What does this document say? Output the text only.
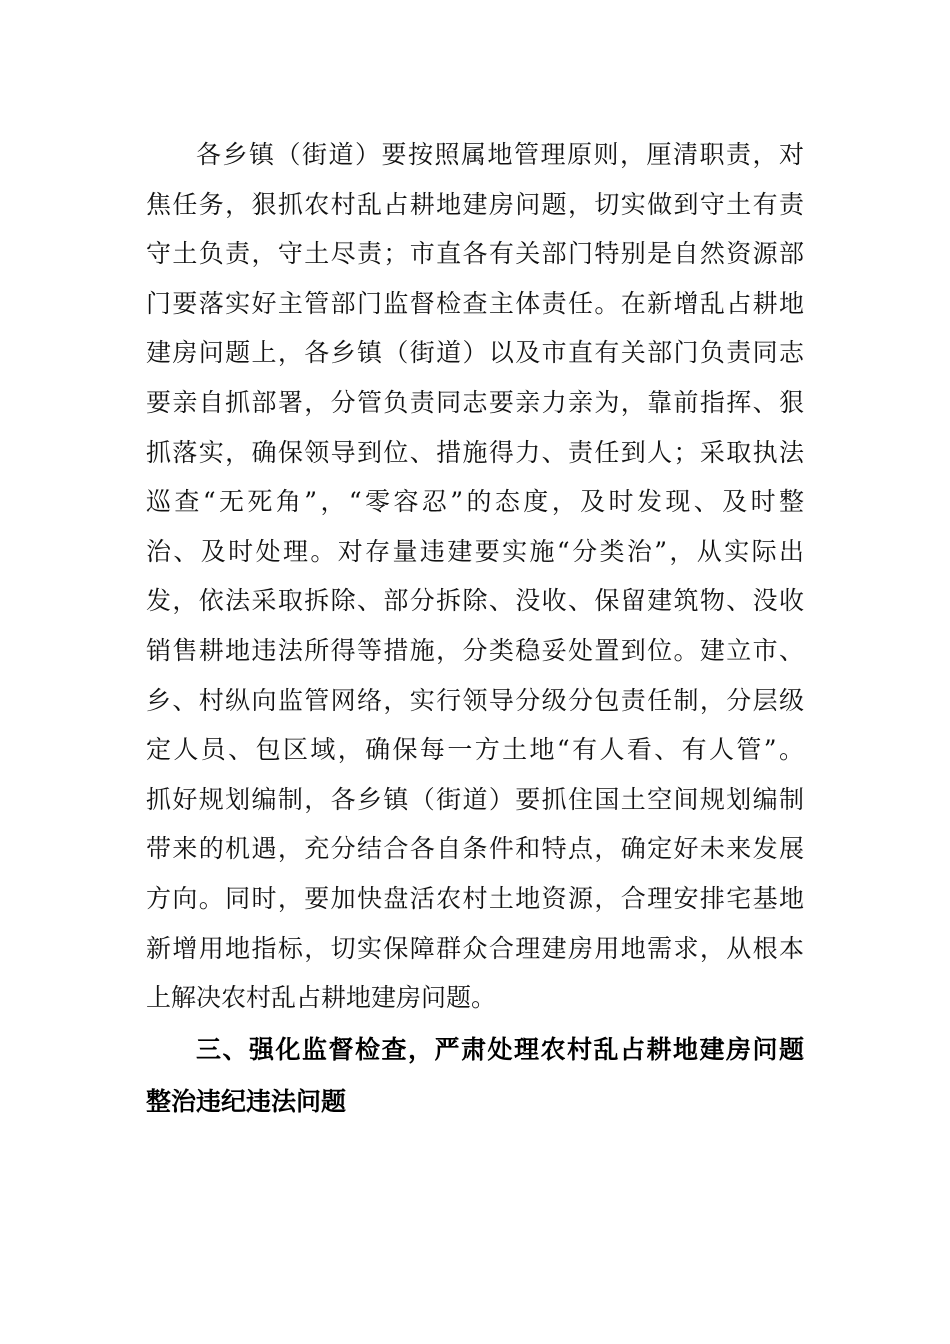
各乡镇（街道）要按照属地管理原则，厘清职责，对
焦任务，狠抓农村乱占耕地建房问题，切实做到守土有责
守土负责，守土尽责；市直各有关部门特别是自然资源部
门要落实好主管部门监督检查主体责任。在新增乱占耕地
建房问题上，各乡镇（街道）以及市直有关部门负责同志
要亲自抓部署，分管负责同志要亲力亲为，靠前指挥、狠
抓落实，确保领导到位、措施得力、责任到人；采取执法
巡查“无死角”，“零容忍”的态度，及时发现、及时整
治、及时处理。对存量违建要实施“分类治”，从实际出
发，依法采取拆除、部分拆除、没收、保留建筑物、没收
销售耕地违法所得等措施，分类稳妥处置到位。建立市、
乡、村纵向监管网络，实行领导分级分包责任制，分层级
定人员、包区域，确保每一方土地“有人看、有人管”。
抓好规划编制，各乡镇（街道）要抓住国土空间规划编制
带来的机遇，充分结合各自条件和特点，确定好未来发展
方向。同时，要加快盘活农村土地资源，合理安排宅基地
新增用地指标，切实保障群众合理建房用地需求，从根本
上解决农村乱占耕地建房问题。
三、强化监督检查，严肃处理农村乱占耕地建房问题
整治违纪违法问题
